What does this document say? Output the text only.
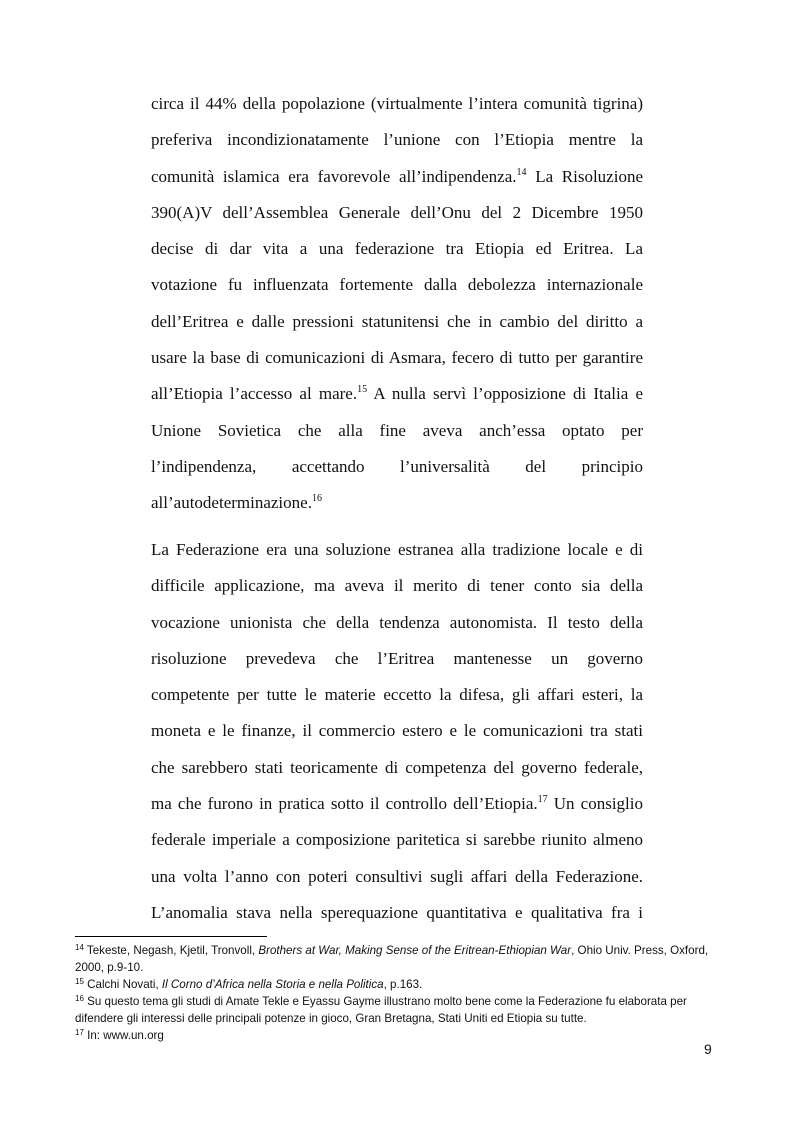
circa il 44% della popolazione (virtualmente l’intera comunità tigrina)
preferiva incondizionatamente l’unione con l’Etiopia mentre la
comunità islamica era favorevole all’indipendenza.$^{14}$ La Risoluzione
390(A)V dell’Assemblea Generale dell’Onu del 2 Dicembre 1950
decise di dar vita a una federazione tra Etiopia ed Eritrea. La
votazione fu influenzata fortemente dalla debolezza internazionale
dell’Eritrea e dalle pressioni statunitensi che in cambio del diritto a
usare la base di comunicazioni di Asmara, fecero di tutto per garantire
all’Etiopia l’accesso al mare.$^{15}$ A nulla servì l’opposizione di Italia e
Unione Sovietica che alla fine aveva anch’essa optato per
l’indipendenza, accettando l’universalità del principio
all’autodeterminazione.$^{16}$
La Federazione era una soluzione estranea alla tradizione locale e di
difficile applicazione, ma aveva il merito di tener conto sia della
vocazione unionista che della tendenza autonomista. Il testo della
risoluzione prevedeva che l’Eritrea mantenesse un governo
competente per tutte le materie eccetto la difesa, gli affari esteri, la
moneta e le finanze, il commercio estero e le comunicazioni tra stati
che sarebbero stati teoricamente di competenza del governo federale,
ma che furono in pratica sotto il controllo dell’Etiopia.$^{17}$ Un consiglio
federale imperiale a composizione paritetica si sarebbe riunito almeno
una volta l’anno con poteri consultivi sugli affari della Federazione.
L’anomalia stava nella sperequazione quantitativa e qualitativa fra i
$^{14}$ Tekeste, Negash, Kjetil, Tronvoll, Brothers at War, Making Sense of the Eritrean-Ethiopian War, Ohio Univ. Press, Oxford, 2000, p.9-10.
$^{15}$ Calchi Novati, Il Corno d’Africa nella Storia e nella Politica, p.163.
$^{16}$ Su questo tema gli studi di Amate Tekle e Eyassu Gayme illustrano molto bene come la Federazione fu elaborata per difendere gli interessi delle principali potenze in gioco, Gran Bretagna, Stati Uniti ed Etiopia su tutte.
$^{17}$ In: www.un.org
9
